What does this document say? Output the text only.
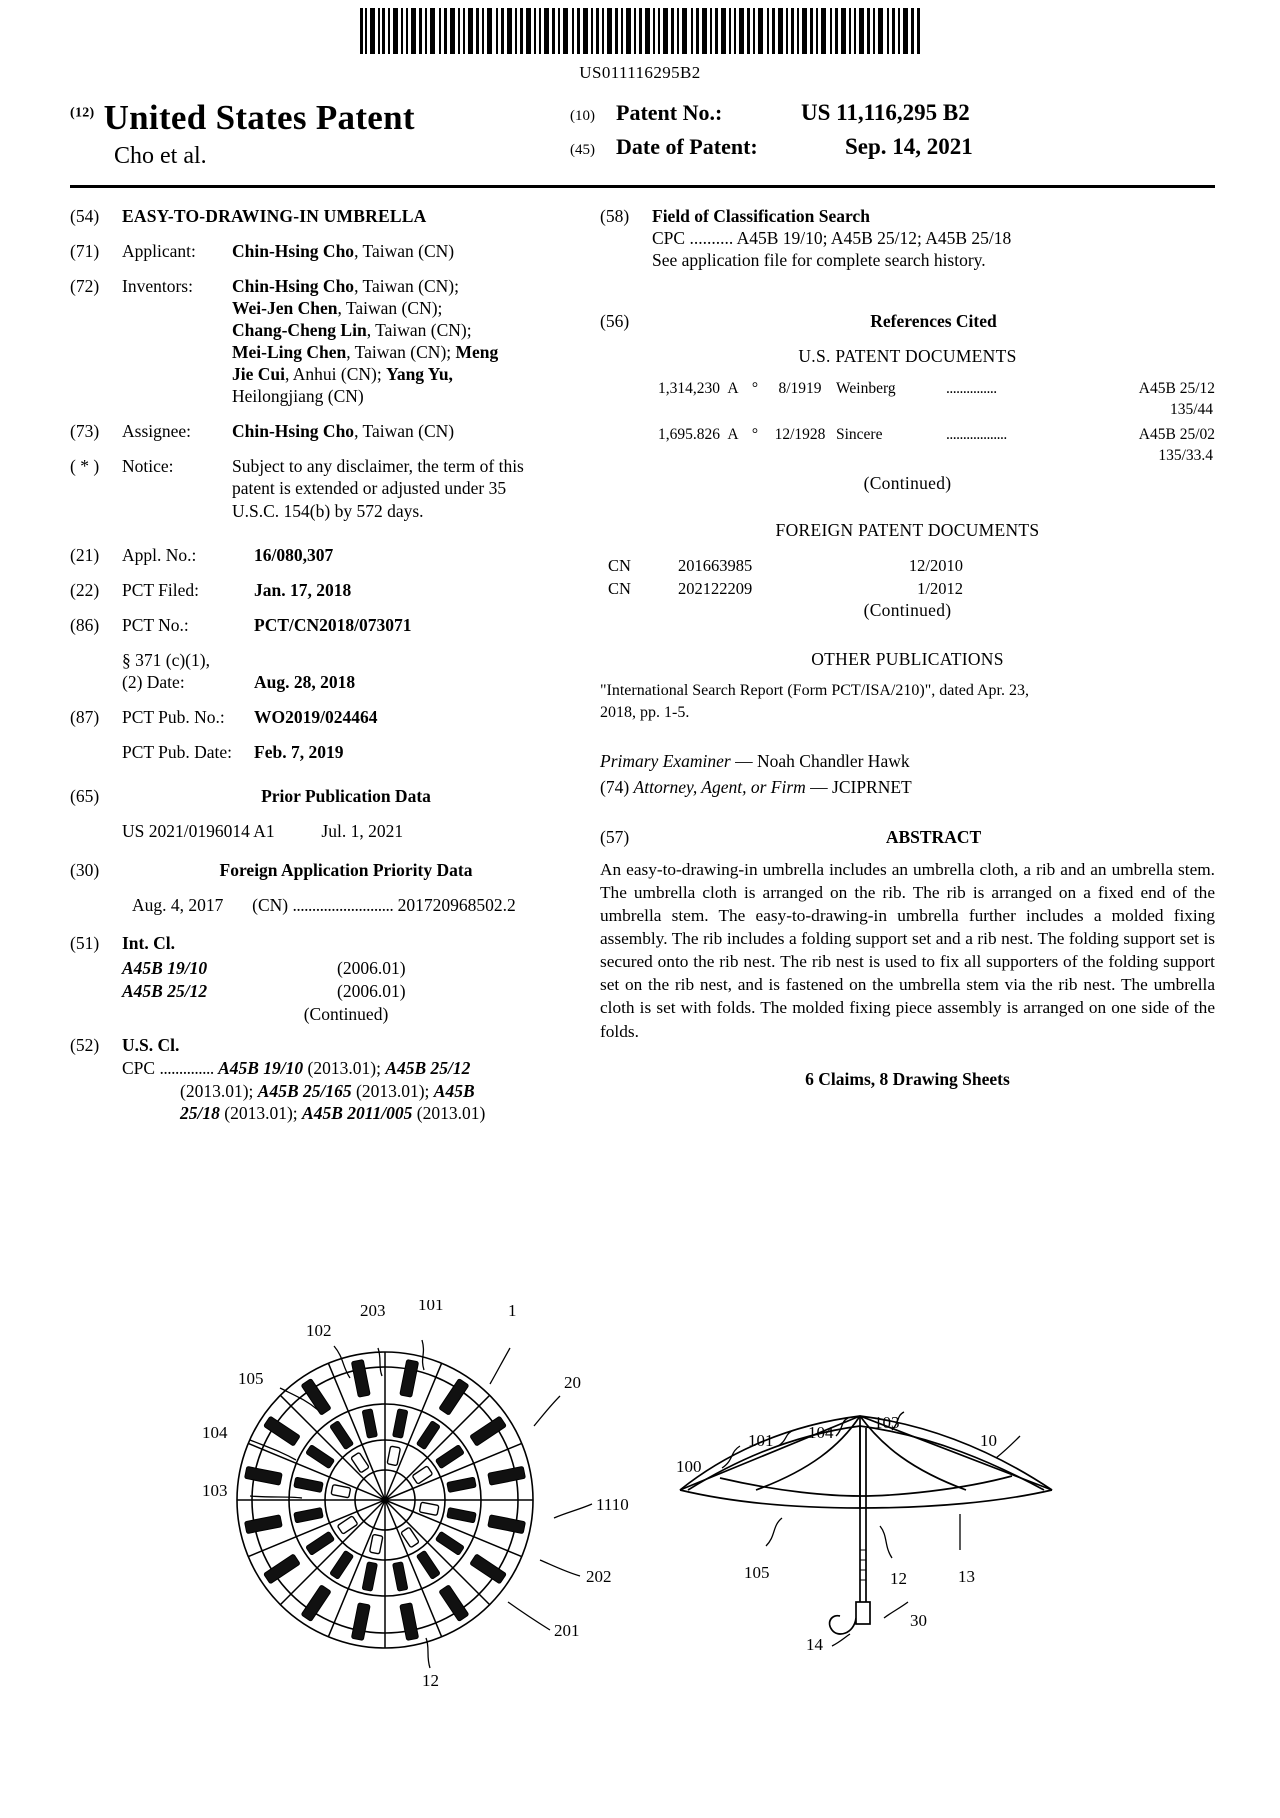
US011116295B2
$^{(12)}$ United States Patent
Cho et al.
(10) Patent No.:	US 11,116,295 B2
(45) Date of Patent:	Sep. 14, 2021
(54)	EASY-TO-DRAWING-IN UMBRELLA
(71)	Applicant:	Chin-Hsing Cho, Taiwan (CN)
(72)	Inventors:	Chin-Hsing Cho, Taiwan (CN);
Wei-Jen Chen, Taiwan (CN);
Chang-Cheng Lin, Taiwan (CN);
Mei-Ling Chen, Taiwan (CN); Meng
Jie Cui, Anhui (CN); Yang Yu,
Heilongjiang (CN)
(73)	Assignee:	Chin-Hsing Cho, Taiwan (CN)
( * )	Notice:	Subject to any disclaimer, the term of this
patent is extended or adjusted under 35
U.S.C. 154(b) by 572 days.
(21)	Appl. No.:	16/080,307
(22)	PCT Filed:	Jan. 17, 2018
(86)	PCT No.:	PCT/CN2018/073071
§ 371 (c)(1),
(2) Date:	Aug. 28, 2018
(87)	PCT Pub. No.:	WO2019/024464
PCT Pub. Date:	Feb. 7, 2019
(65)	Prior Publication Data
US 2021/0196014 A1	Jul. 1, 2021
(30)	Foreign Application Priority Data
Aug. 4, 2017 (CN) .......................... 201720968502.2
(51)	Int. Cl.
A45B 19/10	(2006.01)
A45B 25/12	(2006.01)
(Continued)
(52)	U.S. Cl.
CPC .............. A45B 19/10 (2013.01); A45B 25/12
(2013.01); A45B 25/165 (2013.01); A45B
25/18 (2013.01); A45B 2011/005 (2013.01)
(58)	Field of Classification Search
CPC .......... A45B 19/10; A45B 25/12; A45B 25/18
See application file for complete search history.
(56)	References Cited
U.S. PATENT DOCUMENTS
1,314,230 A °	8/1919 Weinberg	...............	A45B 25/12
135/44
1,695.826 A °	12/1928 Sincere	..................	A45B 25/02
135/33.4
(Continued)
FOREIGN PATENT DOCUMENTS
CN	201663985	12/2010
CN	202122209	1/2012
(Continued)
OTHER PUBLICATIONS
"International Search Report (Form PCT/ISA/210)", dated Apr. 23,
2018, pp. 1-5.
Primary Examiner — Noah Chandler Hawk
(74) Attorney, Agent, or Firm — JCIPRNET
(57)	ABSTRACT
An easy-to-drawing-in umbrella includes an umbrella cloth, a rib and an umbrella stem. The umbrella cloth is arranged on the rib. The rib is arranged on a fixed end of the umbrella stem. The easy-to-drawing-in umbrella further includes a molded fixing assembly. The rib includes a folding support set and a rib nest. The folding support set is secured onto the rib nest. The rib nest is used to fix all supporters of the folding support set on the rib nest, and is fastened on the umbrella stem via the rib nest. The umbrella cloth is set with folds. The molded fixing piece assembly is arranged on one side of the folds.
6 Claims, 8 Drawing Sheets
203 101	1
102
105	20
104
103
1110
202
201
12
100
101 104
103
10
105	12	13
30
14
